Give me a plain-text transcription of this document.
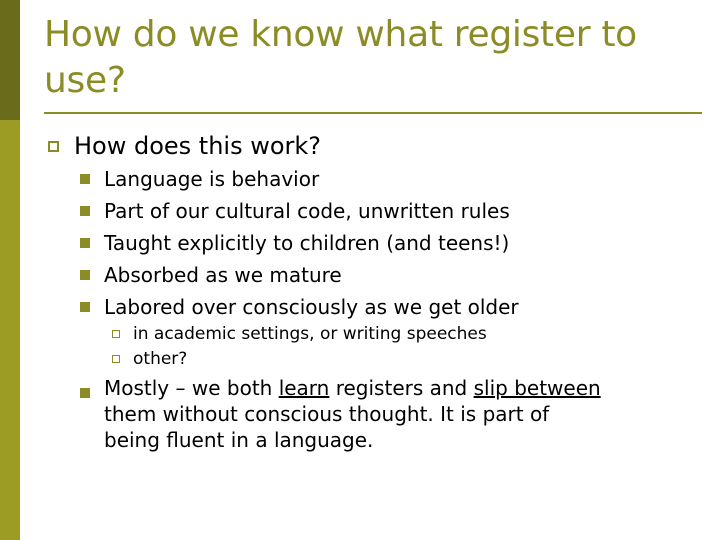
How do we know what register to use?
How does this work?
Language is behavior
Part of our cultural code, unwritten rules
Taught explicitly to children (and teens!)
Absorbed as we mature
Labored over consciously as we get older
in academic settings, or writing speeches
other?
Mostly – we both learn registers and slip between
them without conscious thought. It is part of
being fluent in a language.
